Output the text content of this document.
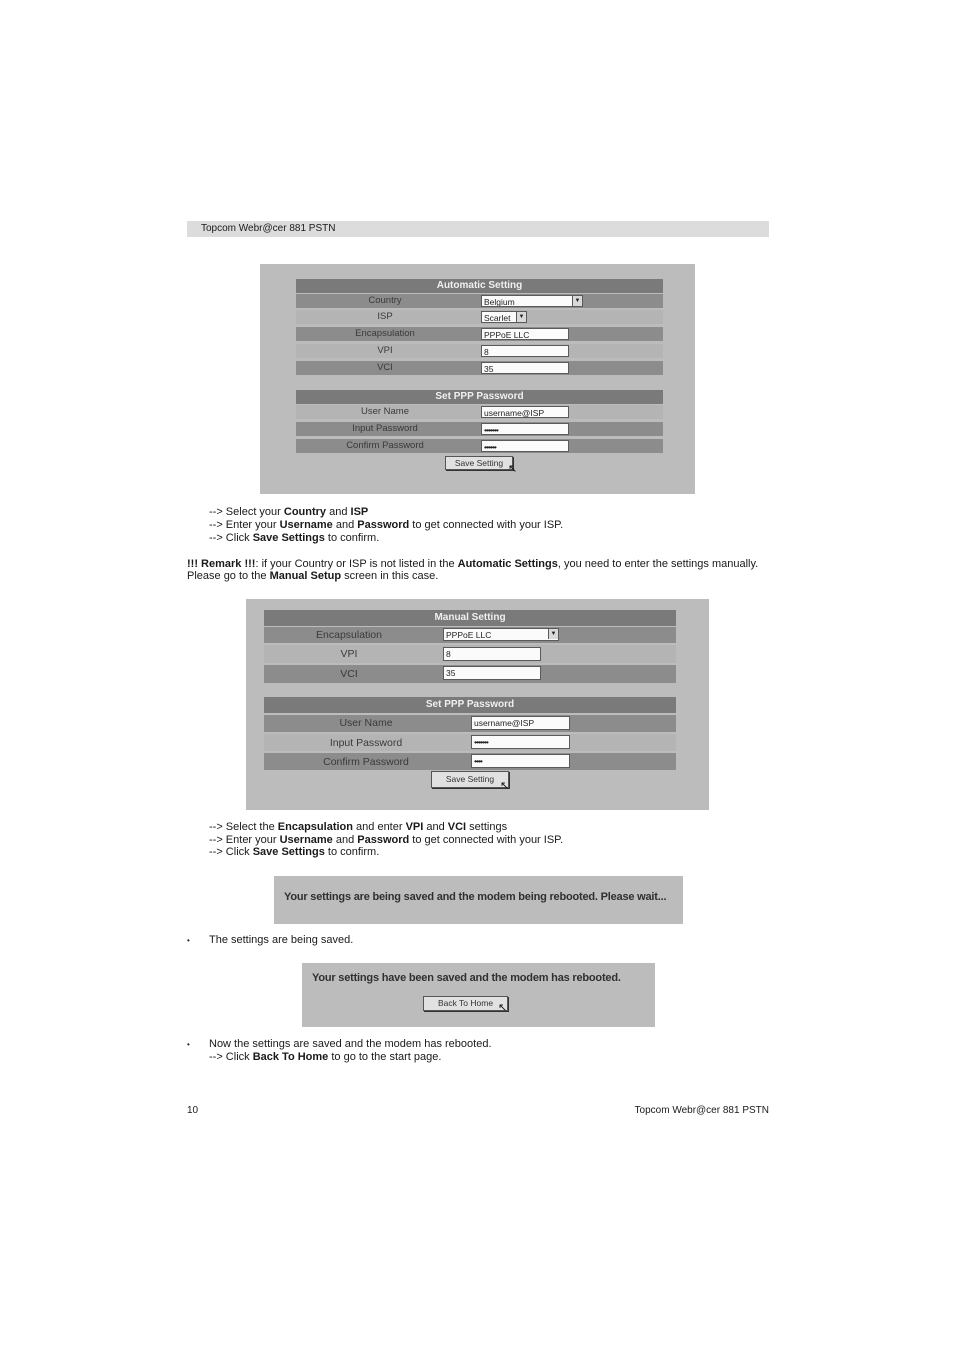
Topcom Webr@cer 881 PSTN
Automatic Setting
Country	Belgium	▼
ISP	Scarlet	▼
Encapsulation	PPPoE LLC
VPI	8
VCI	35
Set PPP Password
User Name	username@ISP
Input Password	•••••••
Confirm Password	••••••
Save Setting ↖
--> Select your Country and ISP
--> Enter your Username and Password to get connected with your ISP.
--> Click Save Settings to confirm.
!!! Remark !!!: if your Country or ISP is not listed in the Automatic Settings, you need to enter the settings manually.
Please go to the Manual Setup screen in this case.
Manual Setting
Encapsulation	PPPoE LLC	▼
VPI	8
VCI	35
Set PPP Password
User Name	username@ISP
Input Password	•••••••
Confirm Password	••••
Save Setting
↖
--> Select the Encapsulation and enter VPI and VCI settings
--> Enter your Username and Password to get connected with your ISP.
--> Click Save Settings to confirm.
Your settings are being saved and the modem being rebooted. Please wait...
• The settings are being saved.
Your settings have been saved and the modem has rebooted.
Back To Home ↖
• Now the settings are saved and the modem has rebooted.
--> Click Back To Home to go to the start page.
10	Topcom Webr@cer 881 PSTN
